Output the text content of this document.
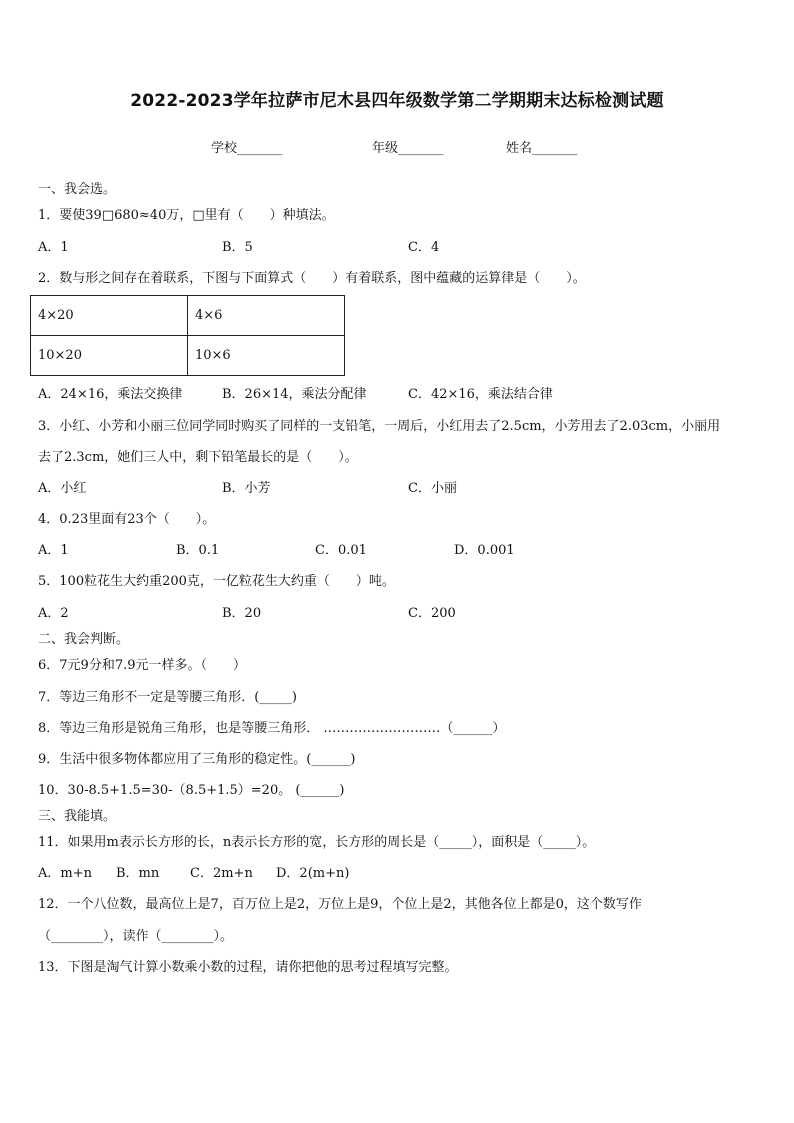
2022-2023学年拉萨市尼木县四年级数学第二学期期末达标检测试题
学校_______	年级_______	姓名_______
一、我会选。
1．要使39□680≈40万，□里有（　　）种填法。
A．1	B．5	C．4
2．数与形之间存在着联系，下图与下面算式（　　）有着联系，图中蕴藏的运算律是（　　）。
4×20	4×6
10×20	10×6
A．24×16，乘法交换律	B．26×14，乘法分配律	C．42×16，乘法结合律
3．小红、小芳和小丽三位同学同时购买了同样的一支铅笔，一周后，小红用去了2.5cm，小芳用去了2.03cm，小丽用
去了2.3cm，她们三人中，剩下铅笔最长的是（　　）。
A．小红	B．小芳	C．小丽
4．0.23里面有23个（　　）。
A．1	B．0.1	C．0.01	D．0.001
5．100粒花生大约重200克，一亿粒花生大约重（　　）吨。
A．2	B．20	C．200
二、我会判断。
6．7元9分和7.9元一样多。（　　）
7．等边三角形不一定是等腰三角形．(_____)
8．等边三角形是锐角三角形，也是等腰三角形． ………………………（______）
9．生活中很多物体都应用了三角形的稳定性。(______)
10．30-8.5+1.5=30-（8.5+1.5）=20。 (______)
三、我能填。
11．如果用m表示长方形的长，n表示长方形的宽，长方形的周长是（_____），面积是（_____）。
A．m+n B．mn C．2m+n D．2(m+n)
12．一个八位数，最高位上是7，百万位上是2，万位上是9，个位上是2，其他各位上都是0，这个数写作
（________），读作（________）。
13．下图是淘气计算小数乘小数的过程，请你把他的思考过程填写完整。
